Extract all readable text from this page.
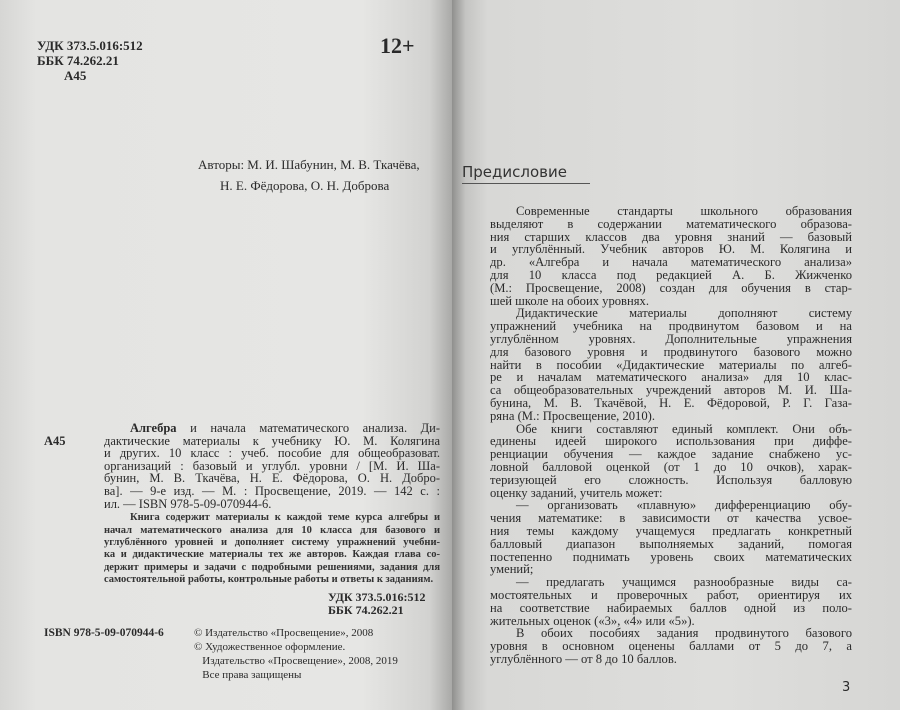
УДК 373.5.016:512
ББК 74.262.21
А45
12+
Авторы: М. И. Шабунин, М. В. Ткачёва,
Н. Е. Фёдорова, О. Н. Доброва
Алгебра и начала математического анализа. Ди-
А45	дактические материалы к учебнику Ю. М. Колягина
и других. 10 класс : учеб. пособие для общеобразоват.
организаций : базовый и углубл. уровни / [М. И. Ша-
бунин, М. В. Ткачёва, Н. Е. Фёдорова, О. Н. Добро-
ва]. — 9-е изд. — М. : Просвещение, 2019. — 142 с. :
ил. — ISBN 978-5-09-070944-6.
Книга содержит материалы к каждой теме курса алгебры и
начал математического анализа для 10 класса для базового и
углублённого уровней и дополняет систему упражнений учебни-
ка и дидактические материалы тех же авторов. Каждая глава со-
держит примеры и задачи с подробными решениями, задания для
самостоятельной работы, контрольные работы и ответы к заданиям.
УДК 373.5.016:512
ББК 74.262.21
ISBN 978-5-09-070944-6	© Издательство «Просвещение», 2008
© Художественное оформление.
Издательство «Просвещение», 2008, 2019
Все права защищены
Предисловие
Современные стандарты школьного образования
выделяют в содержании математического образова-
ния старших классов два уровня знаний — базовый
и углублённый. Учебник авторов Ю. М. Колягина и
др. «Алгебра и начала математического анализа»
для 10 класса под редакцией А. Б. Жижченко
(М.: Просвещение, 2008) создан для обучения в стар-
шей школе на обоих уровнях.
Дидактические материалы дополняют систему
упражнений учебника на продвинутом базовом и на
углублённом уровнях. Дополнительные упражнения
для базового уровня и продвинутого базового можно
найти в пособии «Дидактические материалы по алгеб-
ре и началам математического анализа» для 10 клас-
са общеобразовательных учреждений авторов М. И. Ша-
бунина, М. В. Ткачёвой, Н. Е. Фёдоровой, Р. Г. Газа-
ряна (М.: Просвещение, 2010).
Обе книги составляют единый комплект. Они объ-
единены идеей широкого использования при диффе-
ренциации обучения — каждое задание снабжено ус-
ловной балловой оценкой (от 1 до 10 очков), харак-
теризующей его сложность. Используя балловую
оценку заданий, учитель может:
— организовать «плавную» дифференциацию обу-
чения математике: в зависимости от качества усвое-
ния темы каждому учащемуся предлагать конкретный
балловый диапазон выполняемых заданий, помогая
постепенно поднимать уровень своих математических
умений;
— предлагать учащимся разнообразные виды са-
мостоятельных и проверочных работ, ориентируя их
на соответствие набираемых баллов одной из поло-
жительных оценок («3», «4» или «5»).
В обоих пособиях задания продвинутого базового
уровня в основном оценены баллами от 5 до 7, а
углублённого — от 8 до 10 баллов.
3
